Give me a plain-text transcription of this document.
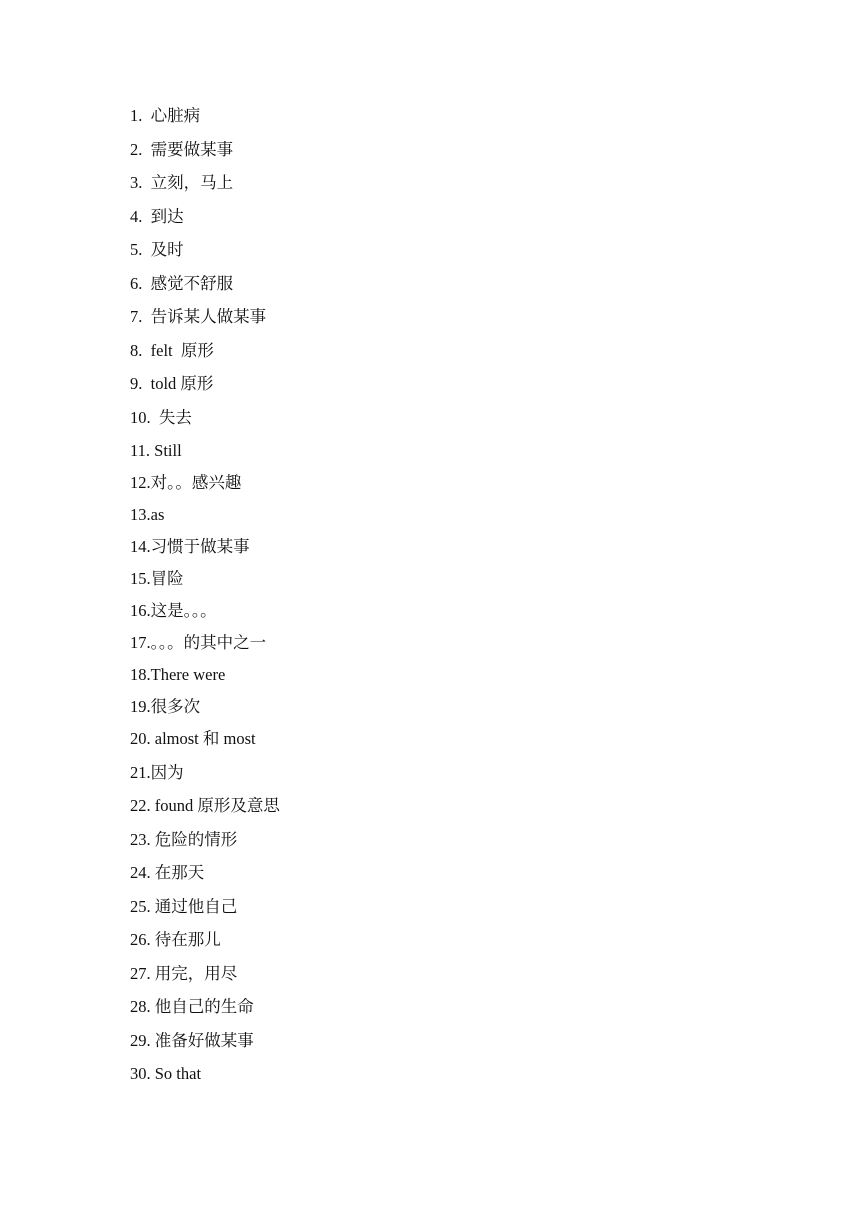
1. 心脏病
2. 需要做某事
3. 立刻，马上
4. 到达
5. 及时
6. 感觉不舒服
7. 告诉某人做某事
8. felt  原形
9. told 原形
10.  失去
11. Still
12.对。。感兴趣
13.as
14.习惯于做某事
15.冒险
16.这是。。。
17.。。。的其中之一
18.There were
19.很多次
20. almost 和 most
21.因为
22. found 原形及意思
23. 危险的情形
24. 在那天
25. 通过他自己
26. 待在那儿
27. 用完，用尽
28. 他自己的生命
29. 准备好做某事
30. So that
